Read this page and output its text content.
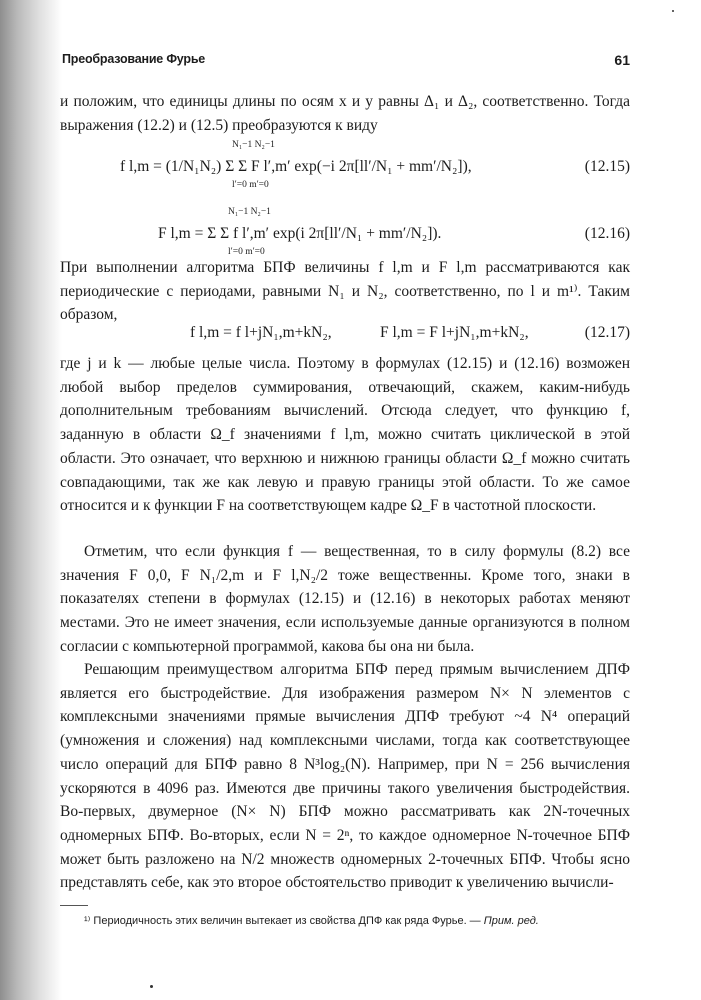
Преобразование Фурье	61

и положим, что единицы длины по осям x и y равны Δ₁ и Δ₂, соответственно. Тогда выражения (12.2) и (12.5) преобразуются к виду

N₁−1 N₂−1
l′=0 m′=0
f l,m = (1/N₁N₂) Σ Σ F l′,m′ exp(−i 2π[ll′/N₁ + mm′/N₂]),	(12.15)
N₁−1 N₂−1
l′=0 m′=0
F l,m = Σ Σ f l′,m′ exp(i 2π[ll′/N₁ + mm′/N₂]).	(12.16)

При выполнении алгоритма БПФ величины f l,m и F l,m рассматриваются как периодические с периодами, равными N₁ и N₂, соответственно, по l и m¹⁾. Таким образом,

f l,m = f l+jN₁,m+kN₂,	F l,m = F l+jN₁,m+kN₂,	(12.17)

где j и k — любые целые числа. Поэтому в формулах (12.15) и (12.16) возможен любой выбор пределов суммирования, отвечающий, скажем, каким-нибудь дополнительным требованиям вычислений. Отсюда следует, что функцию f, заданную в области Ω_f значениями f l,m, можно считать циклической в этой области. Это означает, что верхнюю и нижнюю границы области Ω_f можно считать совпадающими, так же как левую и правую границы этой области. То же самое относится и к функции F на соответствующем кадре Ω_F в частотной плоскости.

Отметим, что если функция f — вещественная, то в силу формулы (8.2) все значения F 0,0, F N₁/2,m и F l,N₂/2 тоже вещественны. Кроме того, знаки в показателях степени в формулах (12.15) и (12.16) в некоторых работах меняют местами. Это не имеет значения, если используемые данные организуются в полном согласии с компьютерной программой, какова бы она ни была.

Решающим преимуществом алгоритма БПФ перед прямым вычислением ДПФ является его быстродействие. Для изображения размером N× N элементов с комплексными значениями прямые вычисления ДПФ требуют ~4 N⁴ операций (умножения и сложения) над комплексными числами, тогда как соответствующее число операций для БПФ равно 8 N³log₂(N). Например, при N = 256 вычисления ускоряются в 4096 раз. Имеются две причины такого увеличения быстродействия. Во-первых, двумерное (N× N) БПФ можно рассматривать как 2N-точечных одномерных БПФ. Во-вторых, если N = 2ⁿ, то каждое одномерное N-точечное БПФ может быть разложено на N/2 множеств одномерных 2-точечных БПФ. Чтобы ясно представлять себе, как это второе обстоятельство приводит к увеличению вычисли-

¹⁾ Периодичность этих величин вытекает из свойства ДПФ как ряда Фурье. — Прим. ред.
